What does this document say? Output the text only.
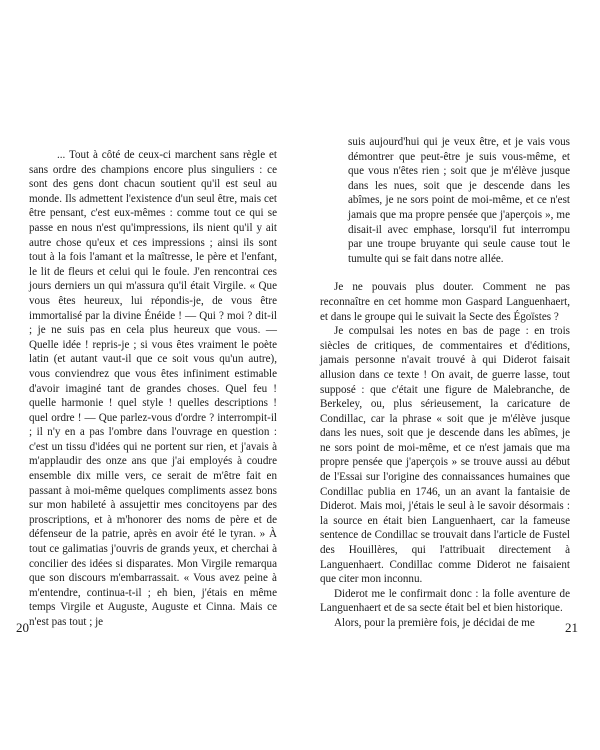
... Tout à côté de ceux-ci marchent sans règle et sans ordre des champions encore plus singuliers : ce sont des gens dont chacun soutient qu'il est seul au monde. Ils admettent l'existence d'un seul être, mais cet être pensant, c'est eux-mêmes : comme tout ce qui se passe en nous n'est qu'impressions, ils nient qu'il y ait autre chose qu'eux et ces impressions ; ainsi ils sont tout à la fois l'amant et la maîtresse, le père et l'enfant, le lit de fleurs et celui qui le foule. J'en rencontrai ces jours derniers un qui m'assura qu'il était Virgile. « Que vous êtes heureux, lui répondis-je, de vous être immortalisé par la divine Énéide ! — Qui ? moi ? dit-il ; je ne suis pas en cela plus heureux que vous. — Quelle idée ! repris-je ; si vous êtes vraiment le poète latin (et autant vaut-il que ce soit vous qu'un autre), vous conviendrez que vous êtes infiniment estimable d'avoir imaginé tant de grandes choses. Quel feu ! quelle harmonie ! quel style ! quelles descriptions ! quel ordre ! — Que parlez-vous d'ordre ? interrompit-il ; il n'y en a pas l'ombre dans l'ouvrage en question : c'est un tissu d'idées qui ne portent sur rien, et j'avais à m'applaudir des onze ans que j'ai employés à coudre ensemble dix mille vers, ce serait de m'être fait en passant à moi-même quelques compliments assez bons sur mon habileté à assujettir mes concitoyens par des proscriptions, et à m'honorer des noms de père et de défenseur de la patrie, après en avoir été le tyran. » À tout ce galimatias j'ouvris de grands yeux, et cherchai à concilier des idées si disparates. Mon Virgile remarqua que son discours m'embarrassait. « Vous avez peine à m'entendre, continua-t-il ; eh bien, j'étais en même temps Virgile et Auguste, Auguste et Cinna. Mais ce n'est pas tout ; je

20

suis aujourd'hui qui je veux être, et je vais vous démontrer que peut-être je suis vous-même, et que vous n'êtes rien ; soit que je m'élève jusque dans les nues, soit que je descende dans les abîmes, je ne sors point de moi-même, et ce n'est jamais que ma propre pensée que j'aperçois », me disait-il avec emphase, lorsqu'il fut interrompu par une troupe bruyante qui seule cause tout le tumulte qui se fait dans notre allée.

Je ne pouvais plus douter. Comment ne pas reconnaître en cet homme mon Gaspard Languenhaert, et dans le groupe qui le suivait la Secte des Égoïstes ?

Je compulsai les notes en bas de page : en trois siècles de critiques, de commentaires et d'éditions, jamais personne n'avait trouvé à qui Diderot faisait allusion dans ce texte ! On avait, de guerre lasse, tout supposé : que c'était une figure de Malebranche, de Berkeley, ou, plus sérieusement, la caricature de Condillac, car la phrase « soit que je m'élève jusque dans les nues, soit que je descende dans les abîmes, je ne sors point de moi-même, et ce n'est jamais que ma propre pensée que j'aperçois » se trouve aussi au début de l'Essai sur l'origine des connaissances humaines que Condillac publia en 1746, un an avant la fantaisie de Diderot. Mais moi, j'étais le seul à le savoir désormais : la source en était bien Languenhaert, car la fameuse sentence de Condillac se trouvait dans l'article de Fustel des Houillères, qui l'attribuait directement à Languenhaert. Condillac comme Diderot ne faisaient que citer mon inconnu.

Diderot me le confirmait donc : la folle aventure de Languenhaert et de sa secte était bel et bien historique.

Alors, pour la première fois, je décidai de me	21
